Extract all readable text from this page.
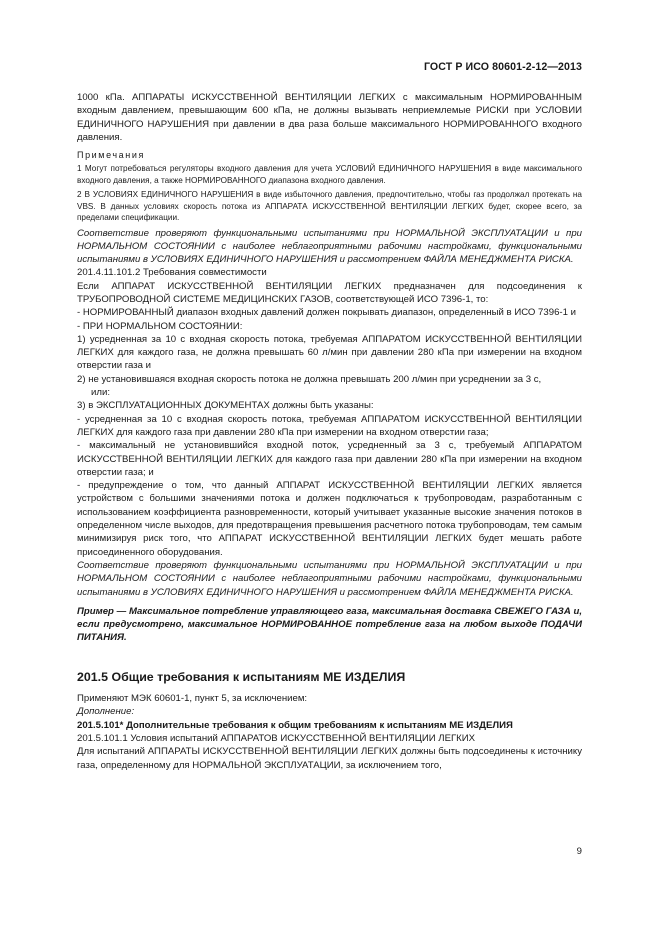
ГОСТ Р ИСО 80601-2-12—2013

1000 кПа. АППАРАТЫ ИСКУССТВЕННОЙ ВЕНТИЛЯЦИИ ЛЕГКИХ с максимальным НОРМИРОВАННЫМ входным давлением, превышающим 600 кПа, не должны вызывать неприемлемые РИСКИ при УСЛОВИИ ЕДИНИЧНОГО НАРУШЕНИЯ при давлении в два раза больше максимального НОРМИРОВАННОГО входного давления.

Примечания

1 Могут потребоваться регуляторы входного давления для учета УСЛОВИЙ ЕДИНИЧНОГО НАРУШЕНИЯ в виде максимального входного давления, а также НОРМИРОВАННОГО диапазона входного давления.

2 В УСЛОВИЯХ ЕДИНИЧНОГО НАРУШЕНИЯ в виде избыточного давления, предпочтительно, чтобы газ продолжал протекать на VBS. В данных условиях скорость потока из АППАРАТА ИСКУССТВЕННОЙ ВЕНТИЛЯЦИИ ЛЕГКИХ будет, скорее всего, за пределами спецификации.

Соответствие проверяют функциональными испытаниями при НОРМАЛЬНОЙ ЭКСПЛУАТАЦИИ и при НОРМАЛЬНОМ СОСТОЯНИИ с наиболее неблагоприятными рабочими настройками, функциональными испытаниями в УСЛОВИЯХ ЕДИНИЧНОГО НАРУШЕНИЯ и рассмотрением ФАЙЛА МЕНЕДЖМЕНТА РИСКА.

201.4.11.101.2 Требования совместимости

Если АППАРАТ ИСКУССТВЕННОЙ ВЕНТИЛЯЦИИ ЛЕГКИХ предназначен для подсоединения к ТРУБОПРОВОДНОЙ СИСТЕМЕ МЕДИЦИНСКИХ ГАЗОВ, соответствующей ИСО 7396-1, то:

- НОРМИРОВАННЫЙ диапазон входных давлений должен покрывать диапазон, определенный в ИСО 7396-1 и

- ПРИ НОРМАЛЬНОМ СОСТОЯНИИ:

1) усредненная за 10 с входная скорость потока, требуемая АППАРАТОМ ИСКУССТВЕННОЙ ВЕНТИЛЯЦИИ ЛЕГКИХ для каждого газа, не должна превышать 60 л/мин при давлении 280 кПа при измерении на входном отверстии газа и

2) не установившаяся входная скорость потока не должна превышать 200 л/мин при усреднении за 3 с,

или:

3) в ЭКСПЛУАТАЦИОННЫХ ДОКУМЕНТАХ должны быть указаны:

- усредненная за 10 с входная скорость потока, требуемая АППАРАТОМ ИСКУССТВЕННОЙ ВЕНТИЛЯЦИИ ЛЕГКИХ для каждого газа при давлении 280 кПа при измерении на входном отверстии газа;

- максимальный не установившийся входной поток, усредненный за 3 с, требуемый АППАРАТОМ ИСКУССТВЕННОЙ ВЕНТИЛЯЦИИ ЛЕГКИХ для каждого газа при давлении 280 кПа при измерении на входном отверстии газа; и

- предупреждение о том, что данный АППАРАТ ИСКУССТВЕННОЙ ВЕНТИЛЯЦИИ ЛЕГКИХ является устройством с большими значениями потока и должен подключаться к трубопроводам, разработанным с использованием коэффициента разновременности, который учитывает указанные высокие значения потоков в определенном числе выходов, для предотвращения превышения расчетного потока трубопроводам, тем самым минимизируя риск того, что АППАРАТ ИСКУССТВЕННОЙ ВЕНТИЛЯЦИИ ЛЕГКИХ будет мешать работе присоединенного оборудования.

Соответствие проверяют функциональными испытаниями при НОРМАЛЬНОЙ ЭКСПЛУАТАЦИИ и при НОРМАЛЬНОМ СОСТОЯНИИ с наиболее неблагоприятными рабочими настройками, функциональными испытаниями в УСЛОВИЯХ ЕДИНИЧНОГО НАРУШЕНИЯ и рассмотрением ФАЙЛА МЕНЕДЖМЕНТА РИСКА.

Пример — Максимальное потребление управляющего газа, максимальная доставка СВЕЖЕГО ГАЗА и, если предусмотрено, максимальное НОРМИРОВАННОЕ потребление газа на любом выходе ПОДАЧИ ПИТАНИЯ.

201.5 Общие требования к испытаниям МЕ ИЗДЕЛИЯ

Применяют МЭК 60601-1, пункт 5, за исключением:

Дополнение:

201.5.101* Дополнительные требования к общим требованиям к испытаниям МЕ ИЗДЕЛИЯ

201.5.101.1 Условия испытаний АППАРАТОВ ИСКУССТВЕННОЙ ВЕНТИЛЯЦИИ ЛЕГКИХ

Для испытаний АППАРАТЫ ИСКУССТВЕННОЙ ВЕНТИЛЯЦИИ ЛЕГКИХ должны быть подсоединены к источнику газа, определенному для НОРМАЛЬНОЙ ЭКСПЛУАТАЦИИ, за исключением того,

9
